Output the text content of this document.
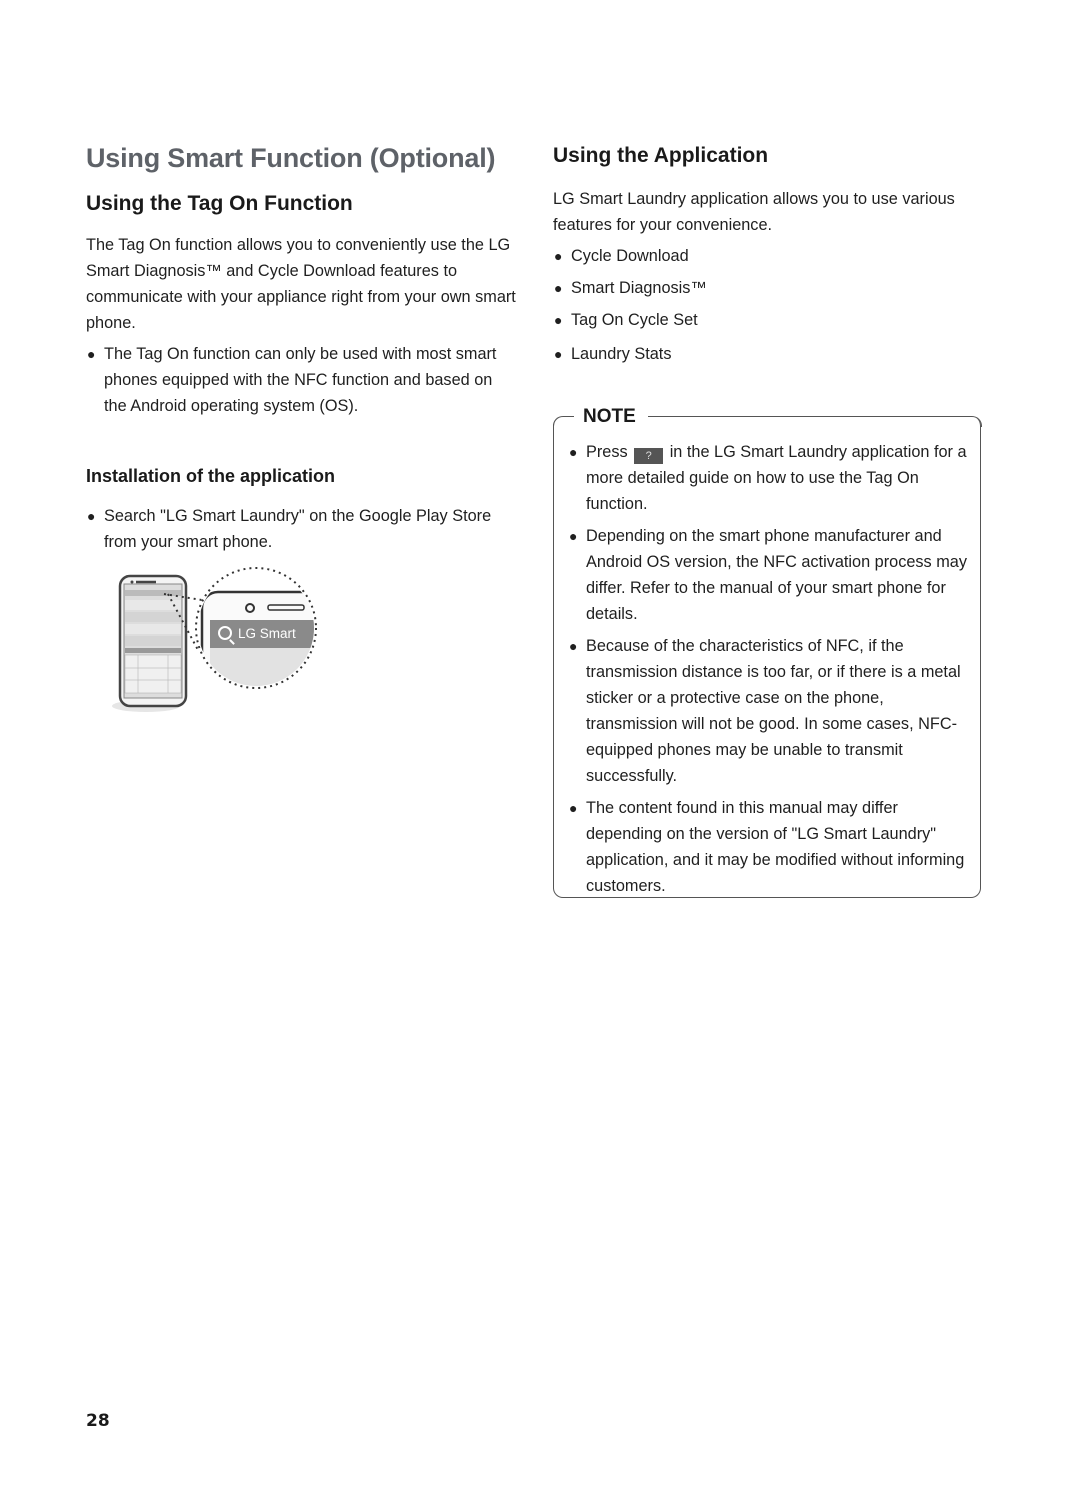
Using Smart Function (Optional)
Using the Tag On Function

The Tag On function allows you to conveniently use the LG Smart Diagnosis™ and Cycle Download features to communicate with your appliance right from your own smart phone.

● The Tag On function can only be used with most smart phones equipped with the NFC function and based on the Android operating system (OS).
Installation of the application
● Search "LG Smart Laundry" on the Google Play Store from your smart phone.
LG Smart
Using the Application

LG Smart Laundry application allows you to use various features for your convenience.

● Cycle Download
● Smart Diagnosis™
● Tag On Cycle Set
● Laundry Stats
NOTE
● Press ? in the LG Smart Laundry application for a more detailed guide on how to use the Tag On function.
● Depending on the smart phone manufacturer and Android OS version, the NFC activation process may differ. Refer to the manual of your smart phone for details.
● Because of the characteristics of NFC, if the transmission distance is too far, or if there is a metal sticker or a protective case on the phone, transmission will not be good. In some cases, NFC-equipped phones may be unable to transmit successfully.
● The content found in this manual may differ depending on the version of "LG Smart Laundry" application, and it may be modified without informing customers.
28
